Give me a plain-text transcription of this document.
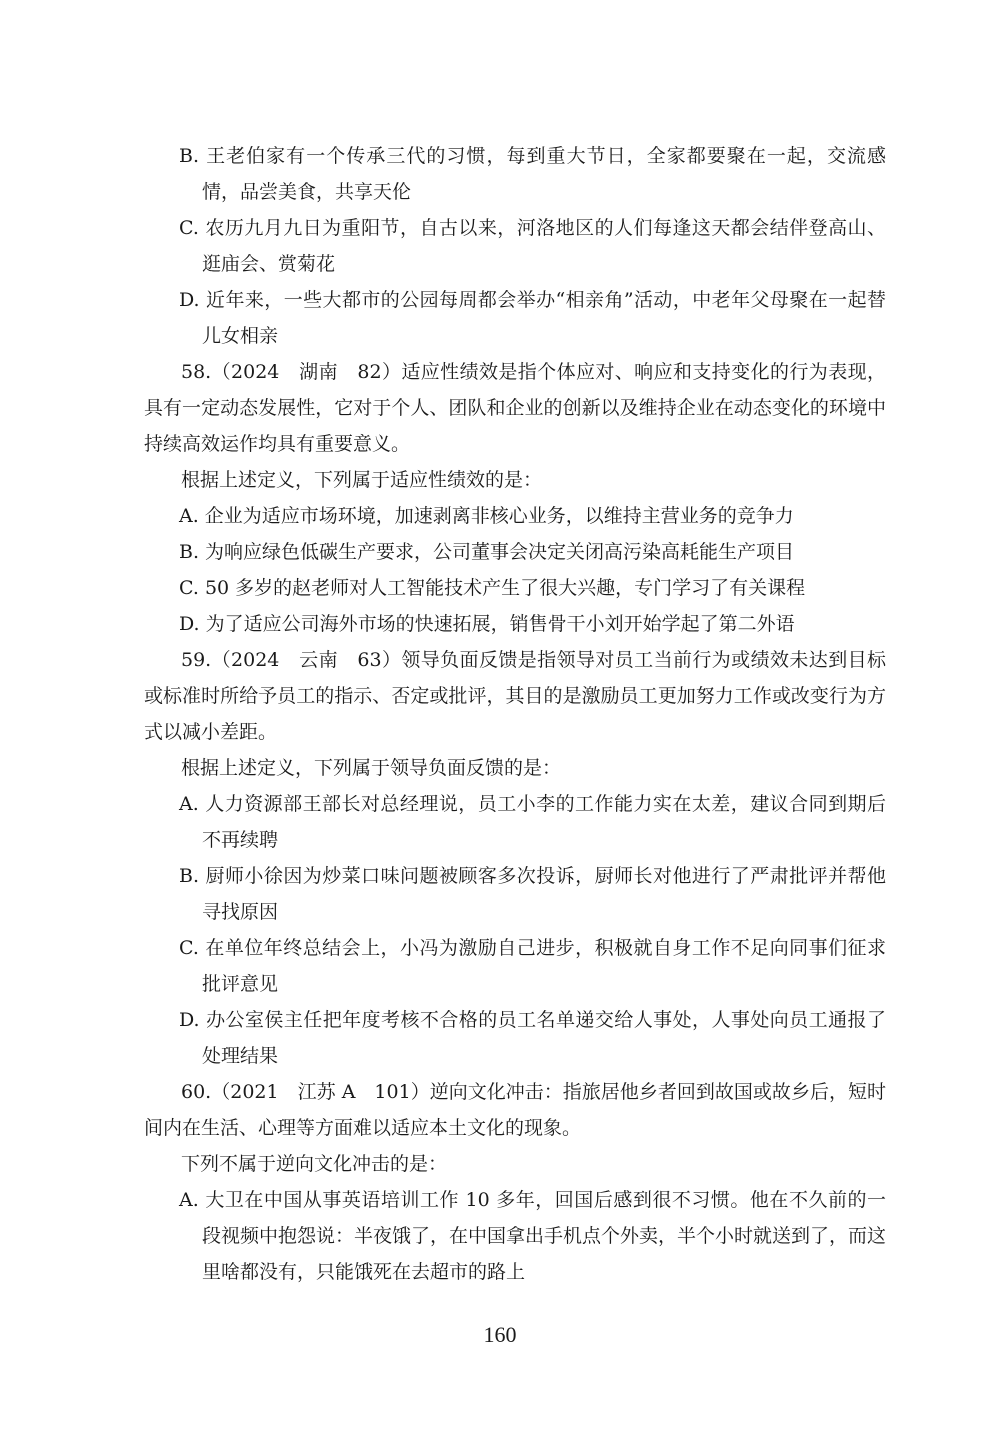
B. 王老伯家有一个传承三代的习惯，每到重大节日，全家都要聚在一起，交流感情，品尝美食，共享天伦

C. 农历九月九日为重阳节，自古以来，河洛地区的人们每逢这天都会结伴登高山、逛庙会、赏菊花

D. 近年来，一些大都市的公园每周都会举办“相亲角”活动，中老年父母聚在一起替儿女相亲

58.（2024　湖南　82）适应性绩效是指个体应对、响应和支持变化的行为表现，具有一定动态发展性，它对于个人、团队和企业的创新以及维持企业在动态变化的环境中持续高效运作均具有重要意义。

根据上述定义，下列属于适应性绩效的是：

A. 企业为适应市场环境，加速剥离非核心业务，以维持主营业务的竞争力

B. 为响应绿色低碳生产要求，公司董事会决定关闭高污染高耗能生产项目

C. 50 多岁的赵老师对人工智能技术产生了很大兴趣，专门学习了有关课程

D. 为了适应公司海外市场的快速拓展，销售骨干小刘开始学起了第二外语

59.（2024　云南　63）领导负面反馈是指领导对员工当前行为或绩效未达到目标或标准时所给予员工的指示、否定或批评，其目的是激励员工更加努力工作或改变行为方式以减小差距。

根据上述定义，下列属于领导负面反馈的是：

A. 人力资源部王部长对总经理说，员工小李的工作能力实在太差，建议合同到期后不再续聘

B. 厨师小徐因为炒菜口味问题被顾客多次投诉，厨师长对他进行了严肃批评并帮他寻找原因

C. 在单位年终总结会上，小冯为激励自己进步，积极就自身工作不足向同事们征求批评意见

D. 办公室侯主任把年度考核不合格的员工名单递交给人事处，人事处向员工通报了处理结果

60.（2021　江苏 A　101）逆向文化冲击：指旅居他乡者回到故国或故乡后，短时间内在生活、心理等方面难以适应本土文化的现象。

下列不属于逆向文化冲击的是：

A. 大卫在中国从事英语培训工作 10 多年，回国后感到很不习惯。他在不久前的一段视频中抱怨说：半夜饿了，在中国拿出手机点个外卖，半个小时就送到了，而这里啥都没有，只能饿死在去超市的路上

160
